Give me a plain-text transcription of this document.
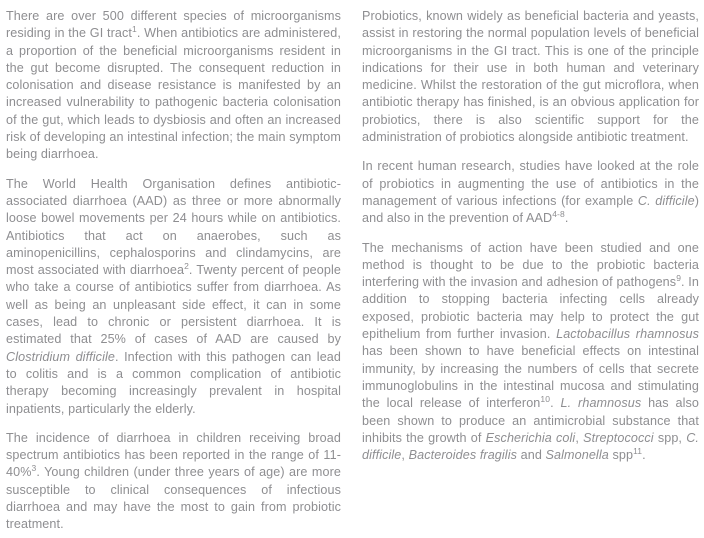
There are over 500 different species of microorganisms residing in the GI tract$^1$. When antibiotics are administered, a proportion of the beneficial microorganisms resident in the gut become disrupted. The consequent reduction in colonisation and disease resistance is manifested by an increased vulnerability to pathogenic bacteria colonisation of the gut, which leads to dysbiosis and often an increased risk of developing an intestinal infection; the main symptom being diarrhoea.

The World Health Organisation defines antibiotic-associated diarrhoea (AAD) as three or more abnormally loose bowel movements per 24 hours while on antibiotics. Antibiotics that act on anaerobes, such as aminopenicillins, cephalosporins and clindamycins, are most associated with diarrhoea$^2$. Twenty percent of people who take a course of antibiotics suffer from diarrhoea. As well as being an unpleasant side effect, it can in some cases, lead to chronic or persistent diarrhoea. It is estimated that 25% of cases of AAD are caused by Clostridium difficile. Infection with this pathogen can lead to colitis and is a common complication of antibiotic therapy becoming increasingly prevalent in hospital inpatients, particularly the elderly.

The incidence of diarrhoea in children receiving broad spectrum antibiotics has been reported in the range of 11-40%$^3$. Young children (under three years of age) are more susceptible to clinical consequences of infectious diarrhoea and may have the most to gain from probiotic treatment.

Probiotics, known widely as beneficial bacteria and yeasts, assist in restoring the normal population levels of beneficial microorganisms in the GI tract. This is one of the principle indications for their use in both human and veterinary medicine. Whilst the restoration of the gut microflora, when antibiotic therapy has finished, is an obvious application for probiotics, there is also scientific support for the administration of probiotics alongside antibiotic treatment.

In recent human research, studies have looked at the role of probiotics in augmenting the use of antibiotics in the management of various infections (for example C. difficile) and also in the prevention of AAD$^{4-8}$.

The mechanisms of action have been studied and one method is thought to be due to the probiotic bacteria interfering with the invasion and adhesion of pathogens$^9$. In addition to stopping bacteria infecting cells already exposed, probiotic bacteria may help to protect the gut epithelium from further invasion. Lactobacillus rhamnosus has been shown to have beneficial effects on intestinal immunity, by increasing the numbers of cells that secrete immunoglobulins in the intestinal mucosa and stimulating the local release of interferon$^{10}$. L. rhamnosus has also been shown to produce an antimicrobial substance that inhibits the growth of Escherichia coli, Streptococci spp, C. difficile, Bacteroides fragilis and Salmonella spp$^{11}$.
